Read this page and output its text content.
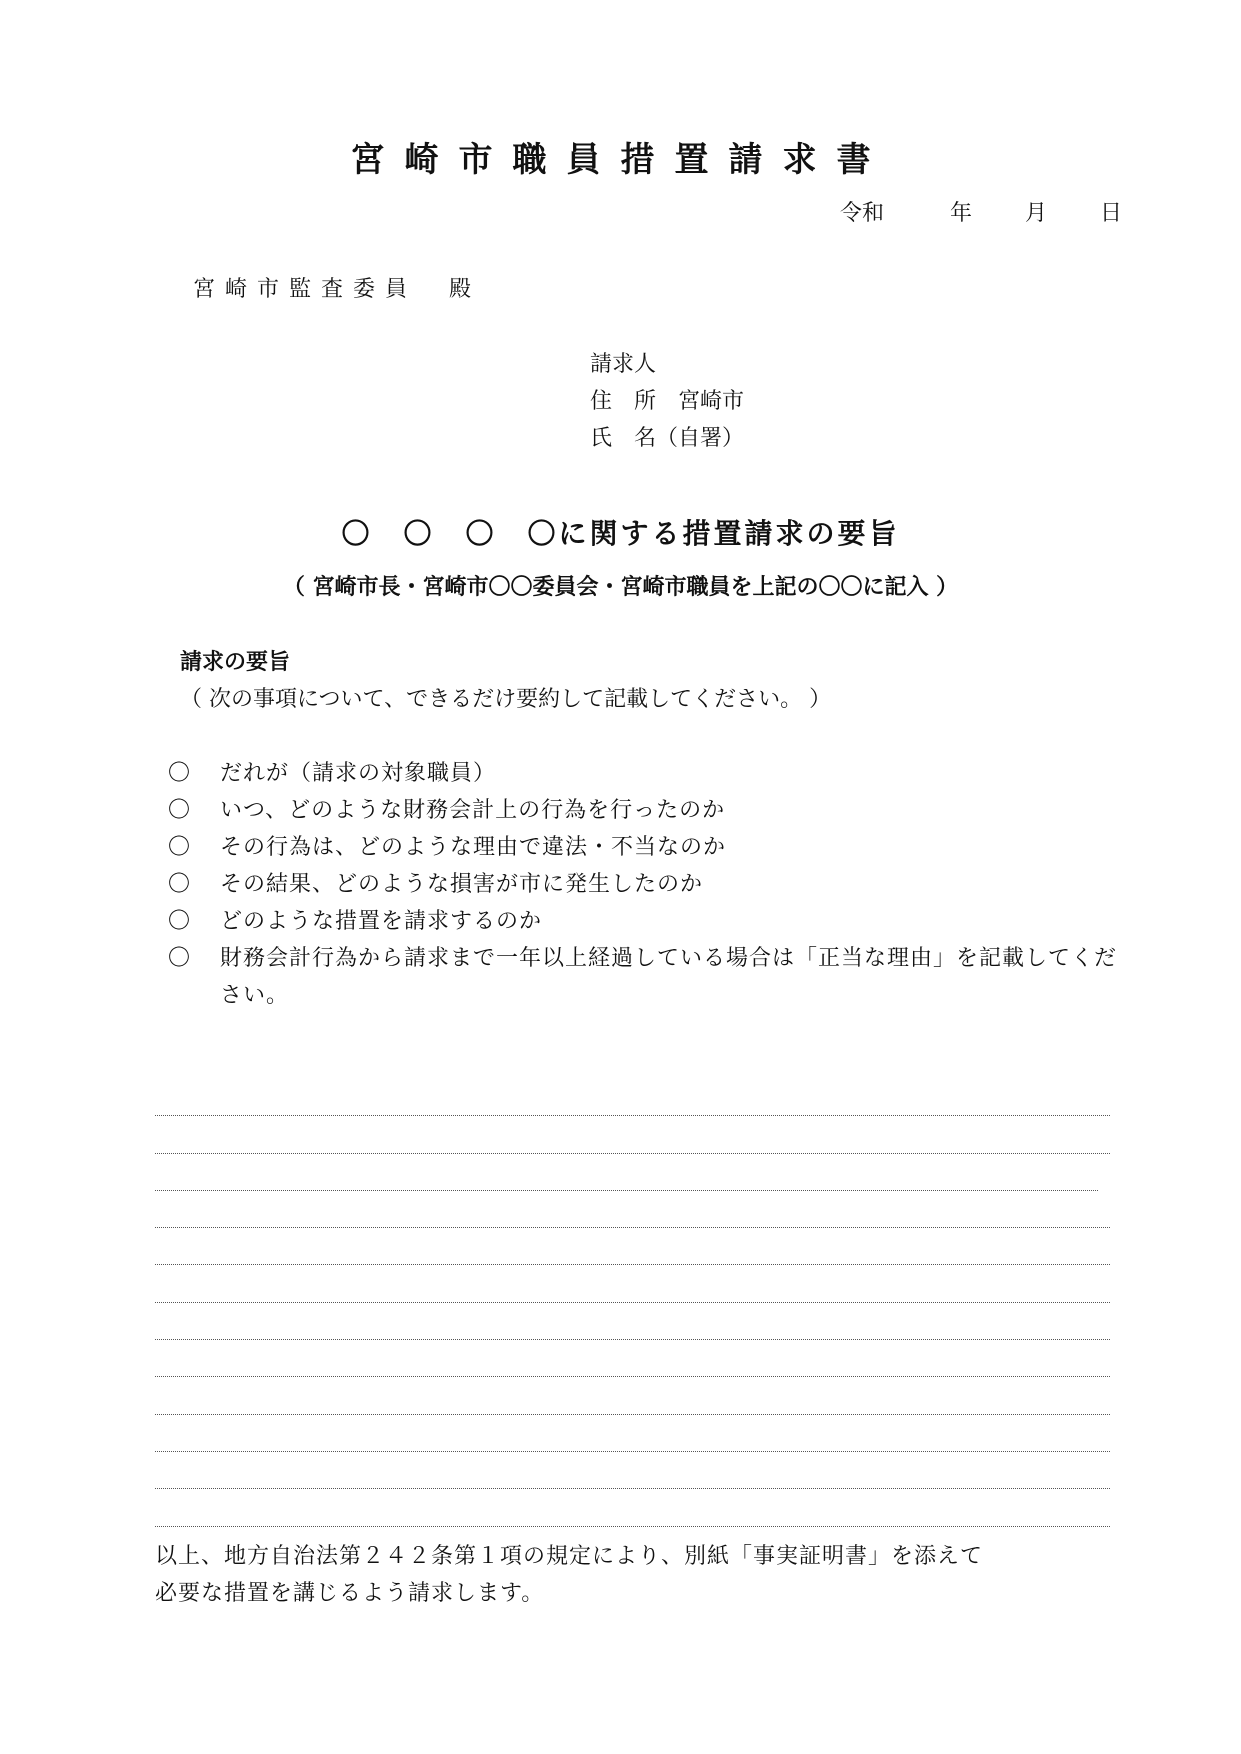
宮崎市職員措置請求書
令和	年 月 日
宮崎市監査委員　殿
請求人
住　所　宮崎市
氏　名（自署）
〇　〇　〇　〇に関する措置請求の要旨
（ 宮崎市長・宮崎市〇〇委員会・宮崎市職員を上記の〇〇に記入 ）
請求の要旨
（ 次の事項について、できるだけ要約して記載してください。 ）
〇	だれが（請求の対象職員）
〇	いつ、どのような財務会計上の行為を行ったのか
〇	その行為は、どのような理由で違法・不当なのか
〇	その結果、どのような損害が市に発生したのか
〇	どのような措置を請求するのか
〇	財務会計行為から請求まで一年以上経過している場合は「正当な理由」を記載してください。
以上、地方自治法第２４２条第１項の規定により、別紙「事実証明書」を添えて
必要な措置を講じるよう請求します。
